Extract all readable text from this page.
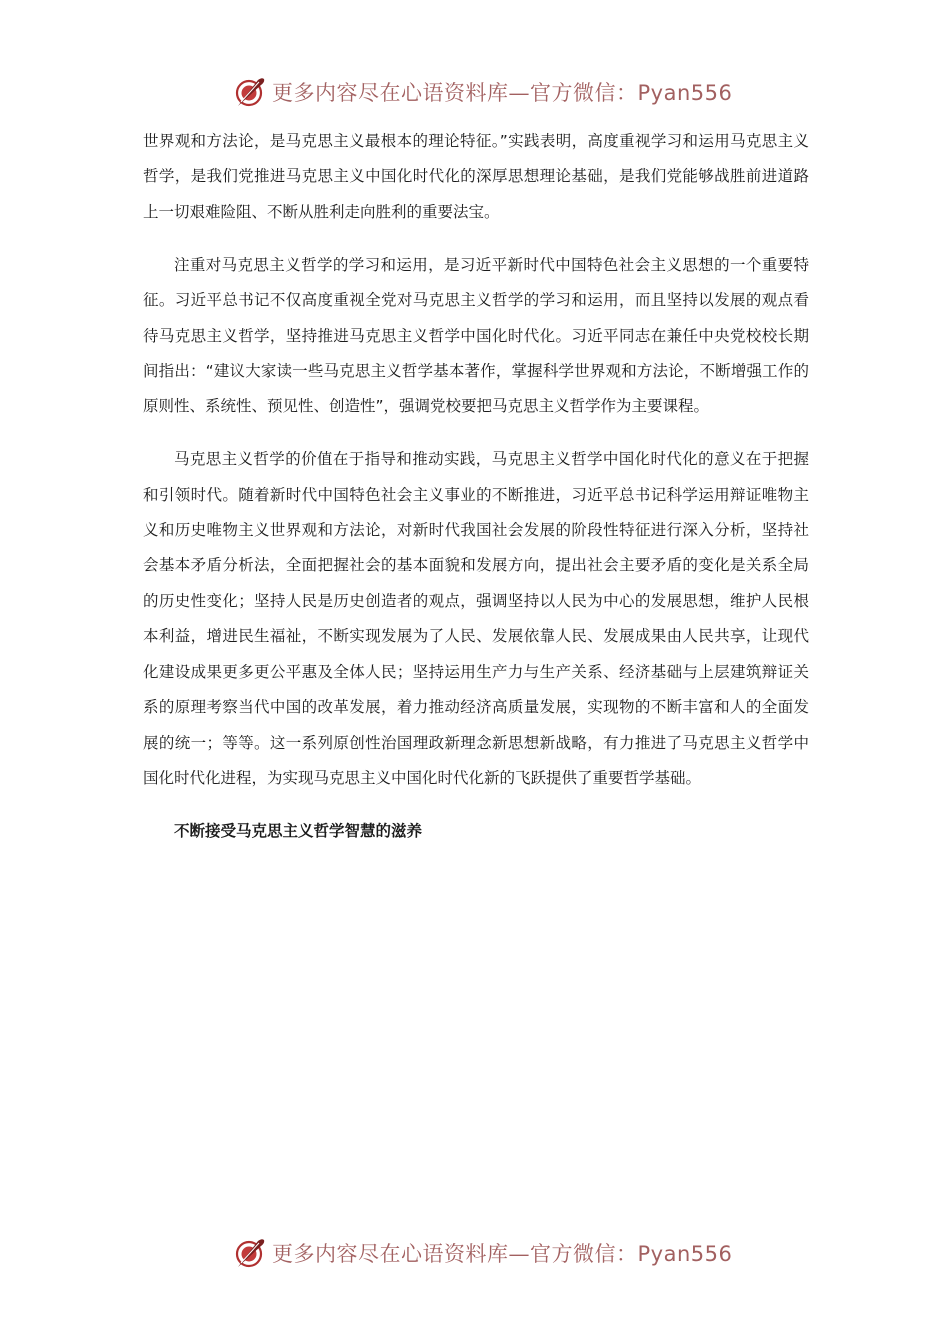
更多内容尽在心语资料库—官方微信：Pyan556

世界观和方法论，是马克思主义最根本的理论特征。”实践表明，高度重视学习和运用马克思主义哲学，是我们党推进马克思主义中国化时代化的深厚思想理论基础，是我们党能够战胜前进道路上一切艰难险阻、不断从胜利走向胜利的重要法宝。

注重对马克思主义哲学的学习和运用，是习近平新时代中国特色社会主义思想的一个重要特征。习近平总书记不仅高度重视全党对马克思主义哲学的学习和运用，而且坚持以发展的观点看待马克思主义哲学，坚持推进马克思主义哲学中国化时代化。习近平同志在兼任中央党校校长期间指出：“建议大家读一些马克思主义哲学基本著作，掌握科学世界观和方法论，不断增强工作的原则性、系统性、预见性、创造性”，强调党校要把马克思主义哲学作为主要课程。

马克思主义哲学的价值在于指导和推动实践，马克思主义哲学中国化时代化的意义在于把握和引领时代。随着新时代中国特色社会主义事业的不断推进，习近平总书记科学运用辩证唯物主义和历史唯物主义世界观和方法论，对新时代我国社会发展的阶段性特征进行深入分析，坚持社会基本矛盾分析法，全面把握社会的基本面貌和发展方向，提出社会主要矛盾的变化是关系全局的历史性变化；坚持人民是历史创造者的观点，强调坚持以人民为中心的发展思想，维护人民根本利益，增进民生福祉，不断实现发展为了人民、发展依靠人民、发展成果由人民共享，让现代化建设成果更多更公平惠及全体人民；坚持运用生产力与生产关系、经济基础与上层建筑辩证关系的原理考察当代中国的改革发展，着力推动经济高质量发展，实现物的不断丰富和人的全面发展的统一；等等。这一系列原创性治国理政新理念新思想新战略，有力推进了马克思主义哲学中国化时代化进程，为实现马克思主义中国化时代化新的飞跃提供了重要哲学基础。

不断接受马克思主义哲学智慧的滋养
更多内容尽在心语资料库—官方微信：Pyan556
